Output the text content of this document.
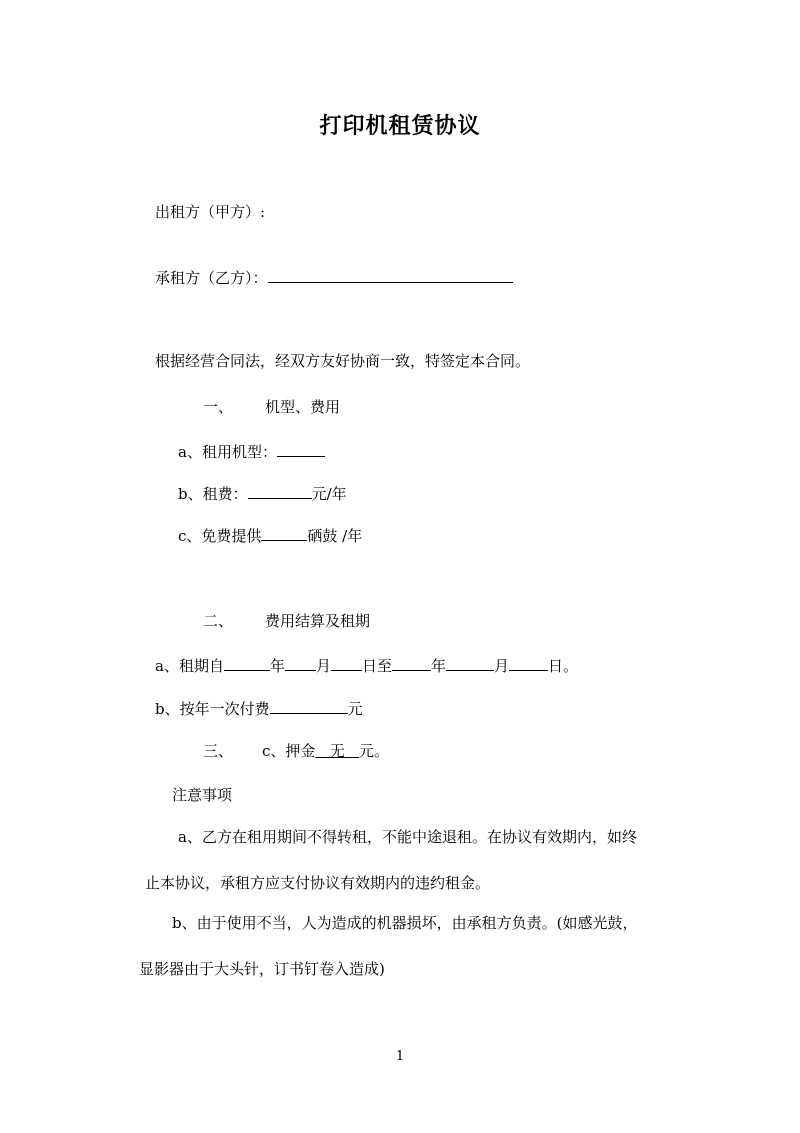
打印机租赁协议
出租方（甲方）:
承租方（乙方）：
根据经营合同法，经双方友好协商一致，特签定本合同。
一、 机型、费用
a、租用机型：
b、租费：	元/年
c、免费提供	硒鼓 /年
二、 费用结算及租期
a、租期自	年 月 日至	年	月	日。
b、按年一次付费	元
三、 c、押金 无 元。
注意事项
a、乙方在租用期间不得转租，不能中途退租。在协议有效期内，如终
止本协议，承租方应支付协议有效期内的违约租金。
b、由于使用不当，人为造成的机器损坏，由承租方负责。(如感光鼓，
显影器由于大头针，订书钉卷入造成)
1
